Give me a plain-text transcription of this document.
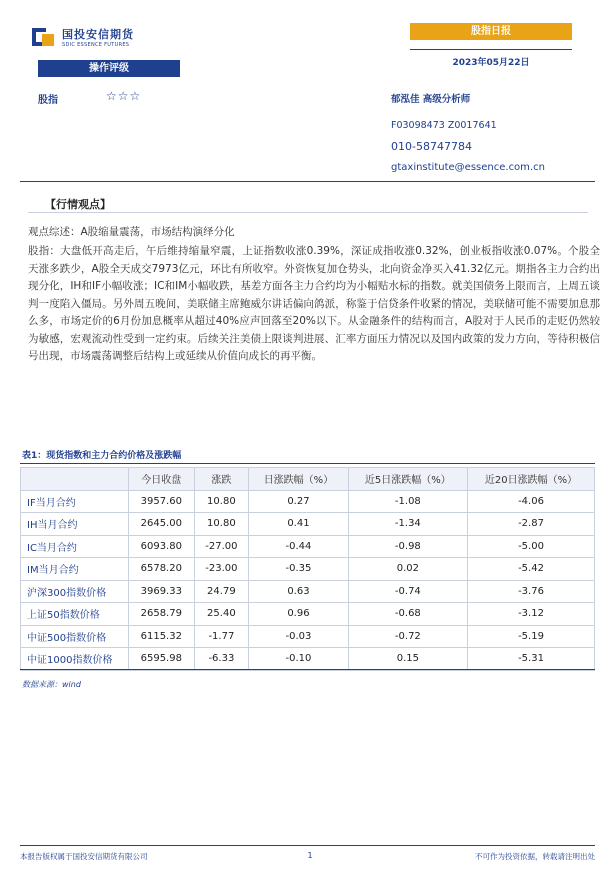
国投安信期货
SDIC ESSENCE FUTURES
股指日报
2023年05月22日
操作评级
股指	☆☆☆	郁泓佳 高级分析师
F03098473 Z0017641
010-58747784
gtaxinstitute@essence.com.cn
【行情观点】
观点综述：A股缩量震荡，市场结构演绎分化
股指：大盘低开高走后，午后维持缩量窄震，上证指数收涨0.39%，深证成指收涨0.32%，创业板指收涨0.07%。个股全天涨多跌少，A股全天成交7973亿元，环比有所收窄。外资恢复加仓势头，北向资金净买入41.32亿元。期指各主力合约出现分化，IH和IF小幅收涨；IC和IM小幅收跌，基差方面各主力合约均为小幅贴水标的指数。就美国债务上限而言，上周五谈判一度陷入僵局。另外周五晚间，美联储主席鲍威尔讲话偏向鸽派，称鉴于信贷条件收紧的情况，美联储可能不需要加息那么多，市场定价的6月份加息概率从超过40%应声回落至20%以下。从金融条件的结构而言，A股对于人民币的走贬仍然较为敏感，宏观流动性受到一定约束。后续关注美债上限谈判进展、汇率方面压力情况以及国内政策的发力方向，等待积极信号出现，市场震荡调整后结构上或延续从价值向成长的再平衡。
表1：现货指数和主力合约价格及涨跌幅
	今日收盘	涨跌	日涨跌幅（%）	近5日涨跌幅（%）	近20日涨跌幅（%）
IF当月合约	3957.60	10.80	0.27	-1.08	-4.06
IH当月合约	2645.00	10.80	0.41	-1.34	-2.87
IC当月合约	6093.80	-27.00	-0.44	-0.98	-5.00
IM当月合约	6578.20	-23.00	-0.35	0.02	-5.42
沪深300指数价格	3969.33	24.79	0.63	-0.74	-3.76
上证50指数价格	2658.79	25.40	0.96	-0.68	-3.12
中证500指数价格	6115.32	-1.77	-0.03	-0.72	-5.19
中证1000指数价格	6595.98	-6.33	-0.10	0.15	-5.31
数据来源：wind
本报告版权属于国投安信期货有限公司	1	不可作为投资依据，转载请注明出处
